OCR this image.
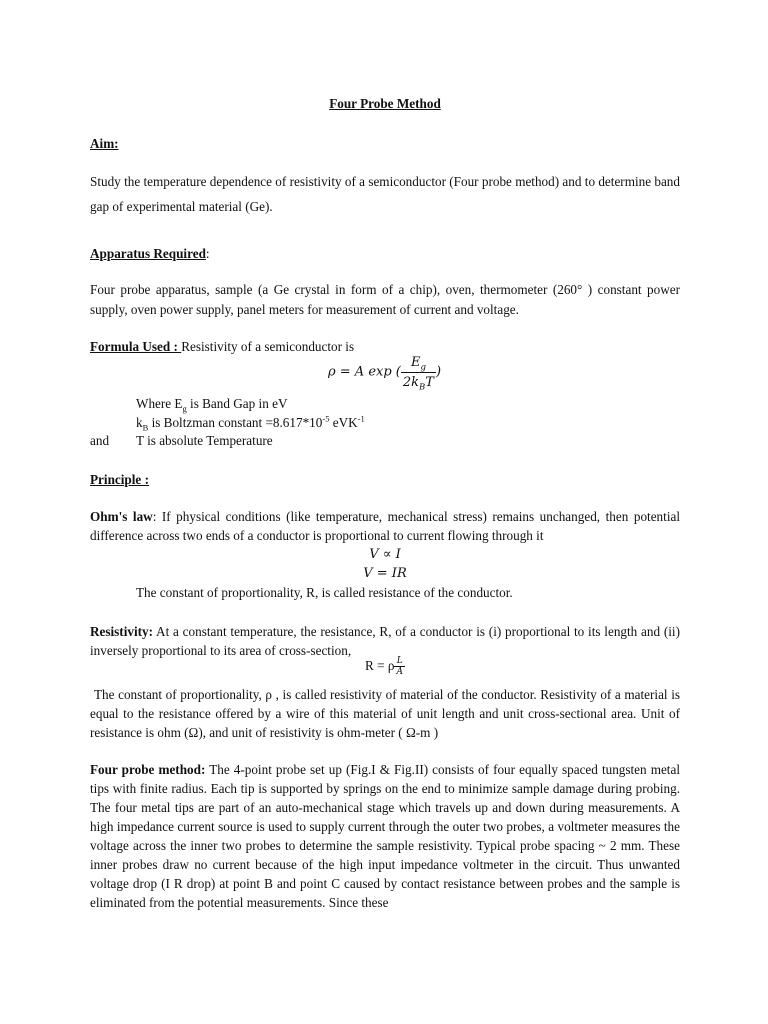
Four Probe Method
Aim:
Study the temperature dependence of resistivity of a semiconductor (Four probe method) and to determine band gap of experimental material (Ge).
Apparatus Required:
Four probe apparatus, sample (a Ge crystal in form of a chip), oven, thermometer (260° ) constant power supply, oven power supply, panel meters for measurement of current and voltage.
Formula Used : Resistivity of a semiconductor is
ρ = A exp ( $\frac{E_g}{2k_BT}$ )
Where $E_g$ is Band Gap in eV
$k_B$ is Boltzman constant $=8.617*10^{-5}$ eVK$^{-1}$
and	T is absolute Temperature
Principle :
Ohm's law: If physical conditions (like temperature, mechanical stress) remains unchanged, then potential difference across two ends of a conductor is proportional to current flowing through it
V ∝ I
V = IR
The constant of proportionality, R, is called resistance of the conductor.
Resistivity: At a constant temperature, the resistance, R, of a conductor is (i) proportional to its length and (ii) inversely proportional to its area of cross-section,
R = ρ $\frac{L}{A}$
The constant of proportionality, ρ , is called resistivity of material of the conductor. Resistivity of a material is equal to the resistance offered by a wire of this material of unit length and unit cross-sectional area. Unit of resistance is ohm (Ω), and unit of resistivity is ohm-meter ( Ω-m )
Four probe method: The 4-point probe set up (Fig.I & Fig.II) consists of four equally spaced tungsten metal tips with finite radius. Each tip is supported by springs on the end to minimize sample damage during probing. The four metal tips are part of an auto-mechanical stage which travels up and down during measurements. A high impedance current source is used to supply current through the outer two probes, a voltmeter measures the voltage across the inner two probes to determine the sample resistivity. Typical probe spacing ~ 2 mm. These inner probes draw no current because of the high input impedance voltmeter in the circuit. Thus unwanted voltage drop (I R drop) at point B and point C caused by contact resistance between probes and the sample is eliminated from the potential measurements. Since these
